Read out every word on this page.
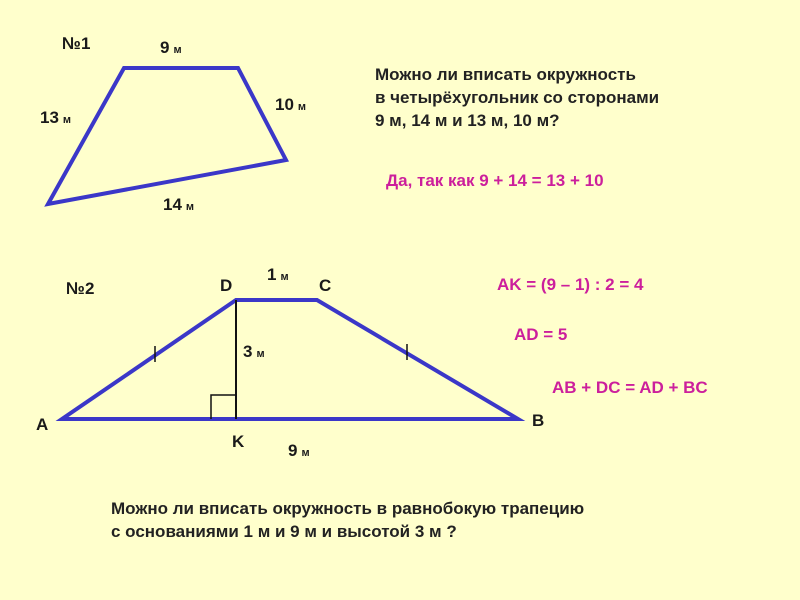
№1	9 м
10 м
13 м
14 м
Можно ли вписать окружность
в четырёхугольник со сторонами
9 м, 14 м и 13 м, 10 м?
Да, так как 9 + 14 = 13 + 10
№2	D	C
A	B
K
1 м
3 м
9 м
AK = (9 – 1) : 2 = 4
AD = 5
AB + DC = AD + BC
Можно ли вписать окружность в равнобокую трапецию
с основаниями 1 м и 9 м и высотой 3 м ?
